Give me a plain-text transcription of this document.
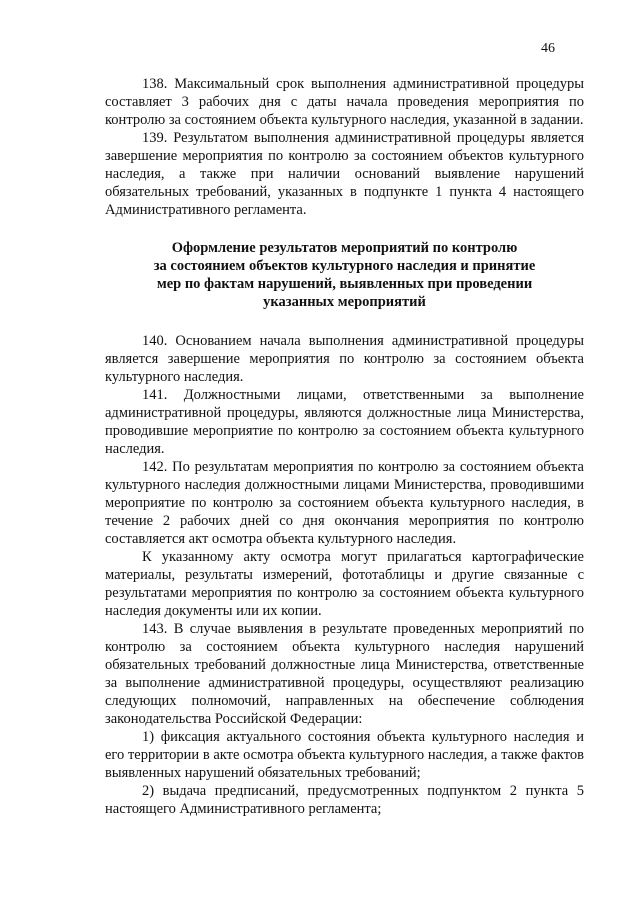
46

138. Максимальный срок выполнения административной процедуры составляет 3 рабочих дня с даты начала проведения мероприятия по контролю за состоянием объекта культурного наследия, указанной в задании.

139. Результатом выполнения административной процедуры является завершение мероприятия по контролю за состоянием объектов культурного наследия, а также при наличии оснований выявление нарушений обязательных требований, указанных в подпункте 1 пункта 4 настоящего Административного регламента.

Оформление результатов мероприятий по контролю
за состоянием объектов культурного наследия и принятие
мер по фактам нарушений, выявленных при проведении
указанных мероприятий

140. Основанием начала выполнения административной процедуры является завершение мероприятия по контролю за состоянием объекта культурного наследия.

141. Должностными лицами, ответственными за выполнение административной процедуры, являются должностные лица Министерства, проводившие мероприятие по контролю за состоянием объекта культурного наследия.

142. По результатам мероприятия по контролю за состоянием объекта культурного наследия должностными лицами Министерства, проводившими мероприятие по контролю за состоянием объекта культурного наследия, в течение 2 рабочих дней со дня окончания мероприятия по контролю составляется акт осмотра объекта культурного наследия.

К указанному акту осмотра могут прилагаться картографические материалы, результаты измерений, фототаблицы и другие связанные с результатами мероприятия по контролю за состоянием объекта культурного наследия документы или их копии.

143. В случае выявления в результате проведенных мероприятий по контролю за состоянием объекта культурного наследия нарушений обязательных требований должностные лица Министерства, ответственные за выполнение административной процедуры, осуществляют реализацию следующих полномочий, направленных на обеспечение соблюдения законодательства Российской Федерации:

1) фиксация актуального состояния объекта культурного наследия и его территории в акте осмотра объекта культурного наследия, а также фактов выявленных нарушений обязательных требований;

2) выдача предписаний, предусмотренных подпунктом 2 пункта 5 настоящего Административного регламента;
